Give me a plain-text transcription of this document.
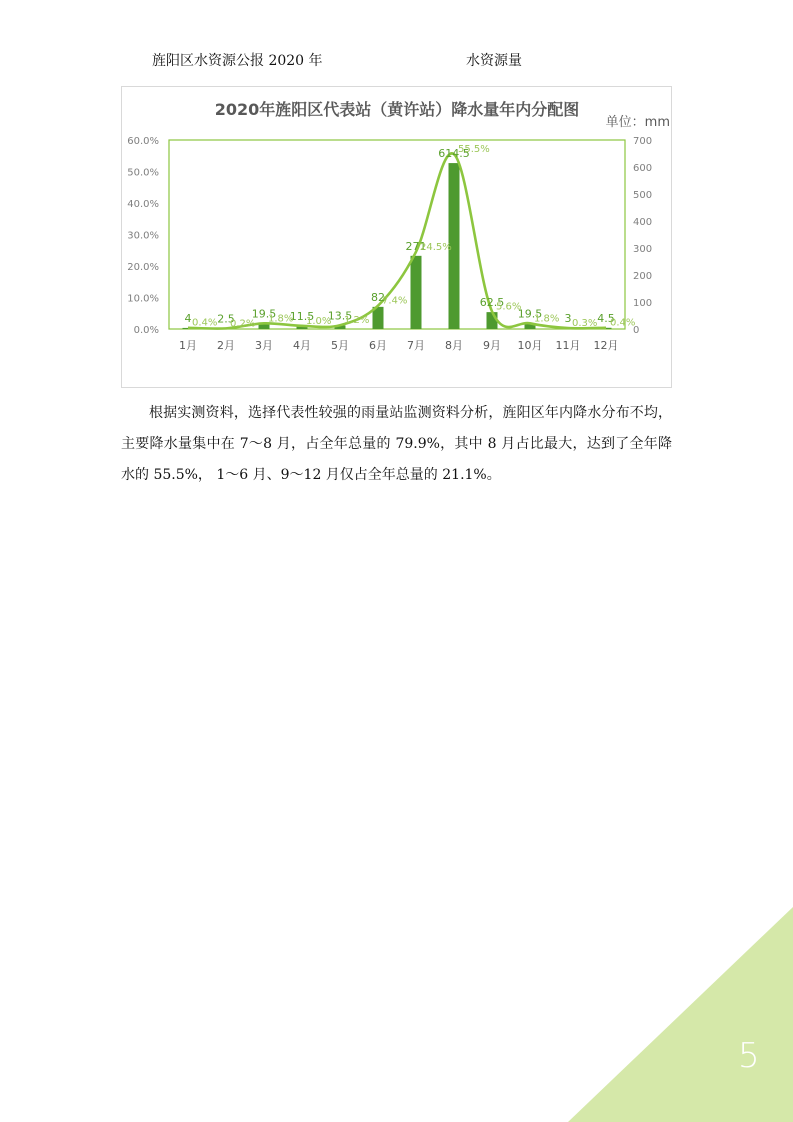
旌阳区水资源公报 2020 年	水资源量
2020年旌阳区代表站（黄许站）降水量年内分配图
单位：mm
0.0%
10.0%
20.0%
30.0%
40.0%
50.0%
60.0%
0
100
200
300
400
500
600
700
4 2.5 19.5 11.5 13.5
82
271
614.5
62.5
19.5 3 4.5
0.4% 0.2% 1.8% 1.0% 1.2%
7.4%
24.5%
55.5%
5.6%
1.8% 0.3% 0.4%
1月 2月 3月 4月 5月 6月 7月 8月 9月 10月 11月 12月

根据实测资料，选择代表性较强的雨量站监测资料分析，旌阳区年内降水分布不均，主要降水量集中在 7～8 月，占全年总量的 79.9%，其中 8 月占比最大，达到了全年降水的 55.5%， 1～6 月、9～12 月仅占全年总量的 21.1%。

5
